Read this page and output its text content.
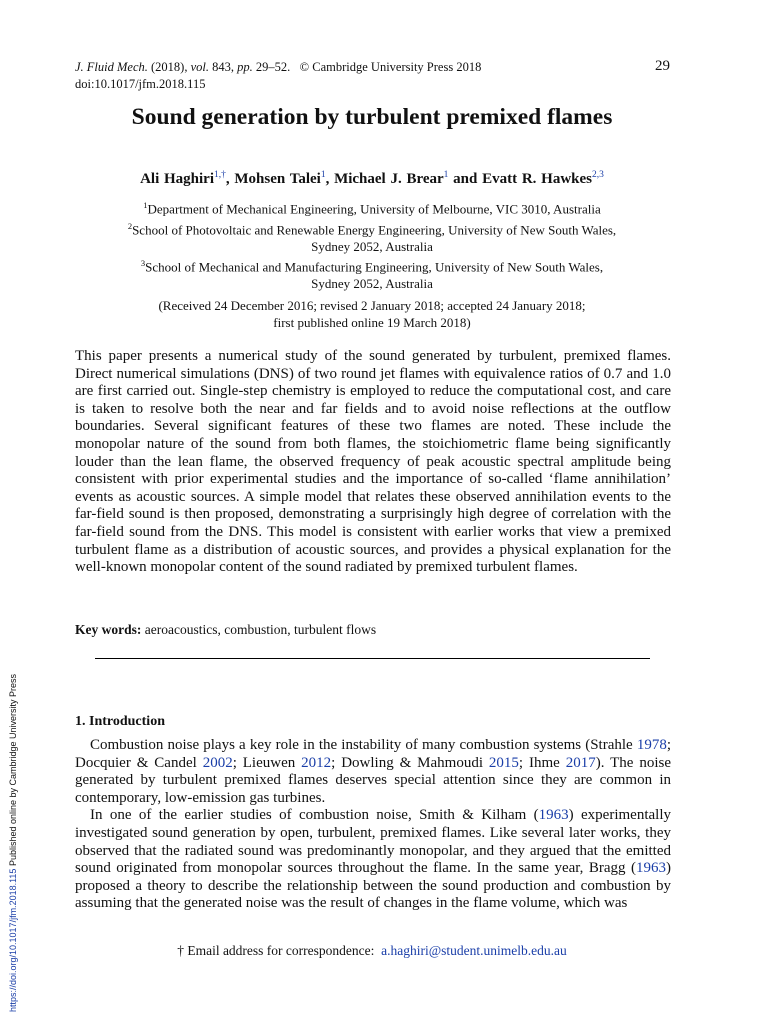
J. Fluid Mech. (2018), vol. 843, pp. 29–52. © Cambridge University Press 2018
doi:10.1017/jfm.2018.115
29
Sound generation by turbulent premixed flames
Ali Haghiri$^{1,\dagger}$, Mohsen Talei$^1$, Michael J. Brear$^1$ and Evatt R. Hawkes$^{2,3}$
$^1$Department of Mechanical Engineering, University of Melbourne, VIC 3010, Australia
$^2$School of Photovoltaic and Renewable Energy Engineering, University of New South Wales,
Sydney 2052, Australia
$^3$School of Mechanical and Manufacturing Engineering, University of New South Wales,
Sydney 2052, Australia
(Received 24 December 2016; revised 2 January 2018; accepted 24 January 2018;
first published online 19 March 2018)

This paper presents a numerical study of the sound generated by turbulent, premixed flames. Direct numerical simulations (DNS) of two round jet flames with equivalence ratios of 0.7 and 1.0 are first carried out. Single-step chemistry is employed to reduce the computational cost, and care is taken to resolve both the near and far fields and to avoid noise reflections at the outflow boundaries. Several significant features of these two flames are noted. These include the monopolar nature of the sound from both flames, the stoichiometric flame being significantly louder than the lean flame, the observed frequency of peak acoustic spectral amplitude being consistent with prior experimental studies and the importance of so-called ‘flame annihilation’ events as acoustic sources. A simple model that relates these observed annihilation events to the far-field sound is then proposed, demonstrating a surprisingly high degree of correlation with the far-field sound from the DNS. This model is consistent with earlier works that view a premixed turbulent flame as a distribution of acoustic sources, and provides a physical explanation for the well-known monopolar content of the sound radiated by premixed turbulent flames.

Key words: aeroacoustics, combustion, turbulent flows
1. Introduction

Combustion noise plays a key role in the instability of many combustion systems (Strahle 1978; Docquier & Candel 2002; Lieuwen 2012; Dowling & Mahmoudi 2015; Ihme 2017). The noise generated by turbulent premixed flames deserves special attention since they are common in contemporary, low-emission gas turbines.

In one of the earlier studies of combustion noise, Smith & Kilham (1963) experimentally investigated sound generation by open, turbulent, premixed flames. Like several later works, they observed that the radiated sound was predominantly monopolar, and they argued that the emitted sound originated from monopolar sources throughout the flame. In the same year, Bragg (1963) proposed a theory to describe the relationship between the sound production and combustion by assuming that the generated noise was the result of changes in the flame volume, which was

† Email address for correspondence: a.haghiri@student.unimelb.edu.au
https://doi.org/10.1017/jfm.2018.115 Published online by Cambridge University Press
